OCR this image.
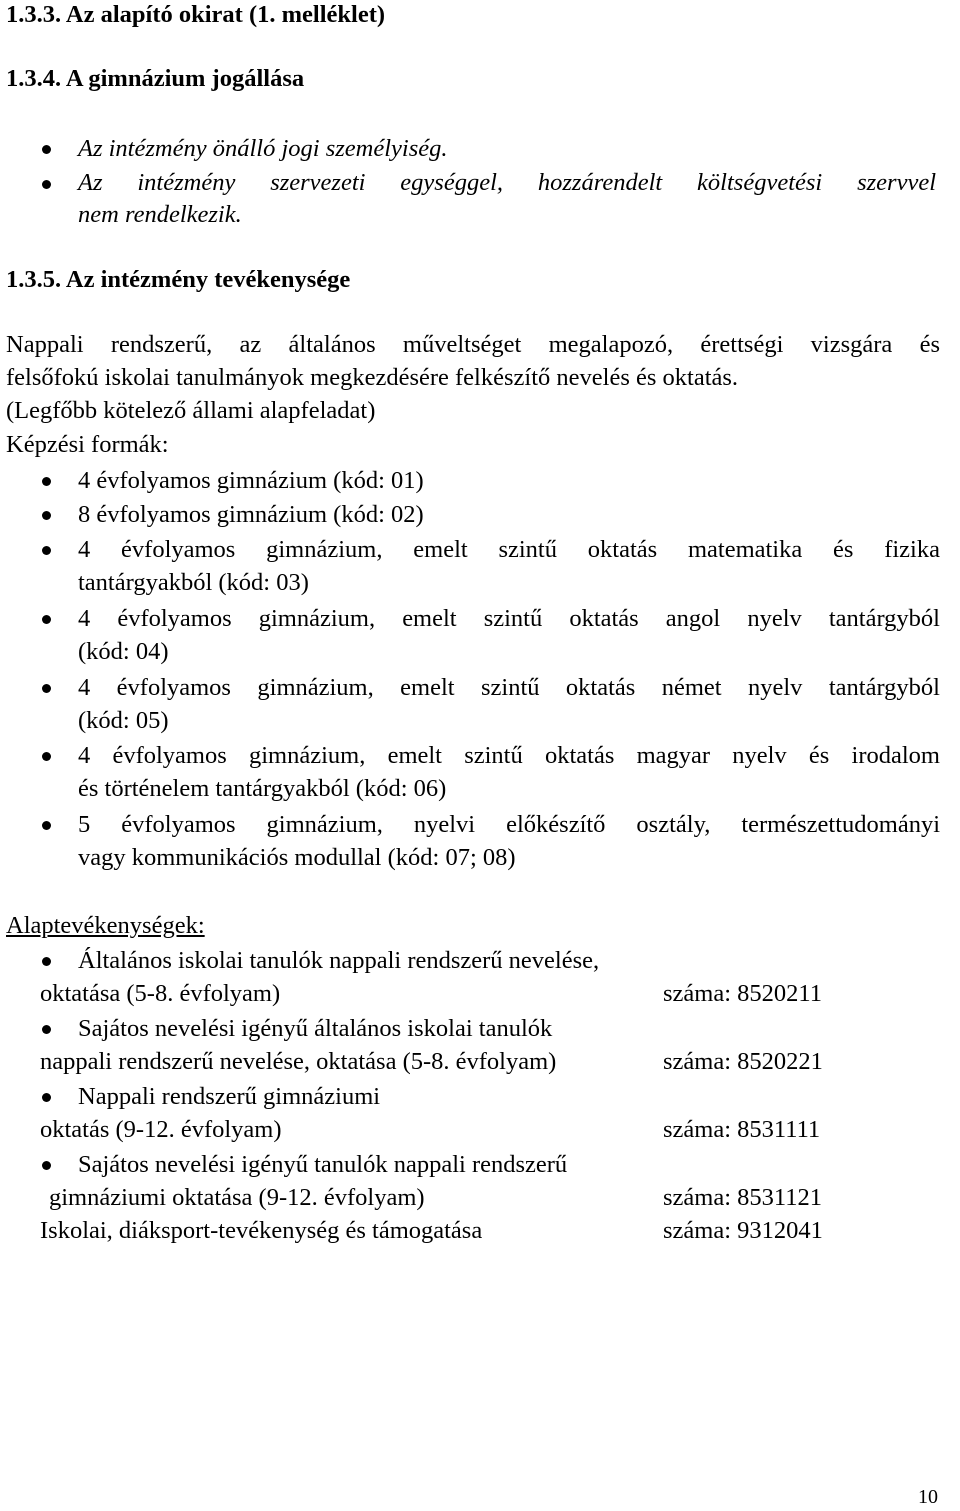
1.3.3. Az alapító okirat (1. melléklet)
1.3.4. A gimnázium jogállása
Az intézmény önálló jogi személyiség.
Az intézmény szervezeti egységgel, hozzárendelt költségvetési szervvel
nem rendelkezik.
1.3.5. Az intézmény tevékenysége
Nappali rendszerű, az általános műveltséget megalapozó, érettségi vizsgára és
felsőfokú iskolai tanulmányok megkezdésére felkészítő nevelés és oktatás.
(Legfőbb kötelező állami alapfeladat)
Képzési formák:
4 évfolyamos gimnázium (kód: 01)
8 évfolyamos gimnázium (kód: 02)
4 évfolyamos gimnázium, emelt szintű oktatás matematika és fizika
tantárgyakból (kód: 03)
4 évfolyamos gimnázium, emelt szintű oktatás angol nyelv tantárgyból
(kód: 04)
4 évfolyamos gimnázium, emelt szintű oktatás német nyelv tantárgyból
(kód: 05)
4 évfolyamos gimnázium, emelt szintű oktatás magyar nyelv és irodalom
és történelem tantárgyakból (kód: 06)
5 évfolyamos gimnázium, nyelvi előkészítő osztály, természettudományi
vagy kommunikációs modullal (kód: 07; 08)
Alaptevékenységek:
Általános iskolai tanulók nappali rendszerű nevelése,
oktatása (5-8. évfolyam)	száma: 8520211
Sajátos nevelési igényű általános iskolai tanulók
nappali rendszerű nevelése, oktatása (5-8. évfolyam)	száma: 8520221
Nappali rendszerű gimnáziumi
oktatás (9-12. évfolyam)	száma: 8531111
Sajátos nevelési igényű tanulók nappali rendszerű
gimnáziumi oktatása (9-12. évfolyam)	száma: 8531121
Iskolai, diáksport-tevékenység és támogatása	száma: 9312041
10
